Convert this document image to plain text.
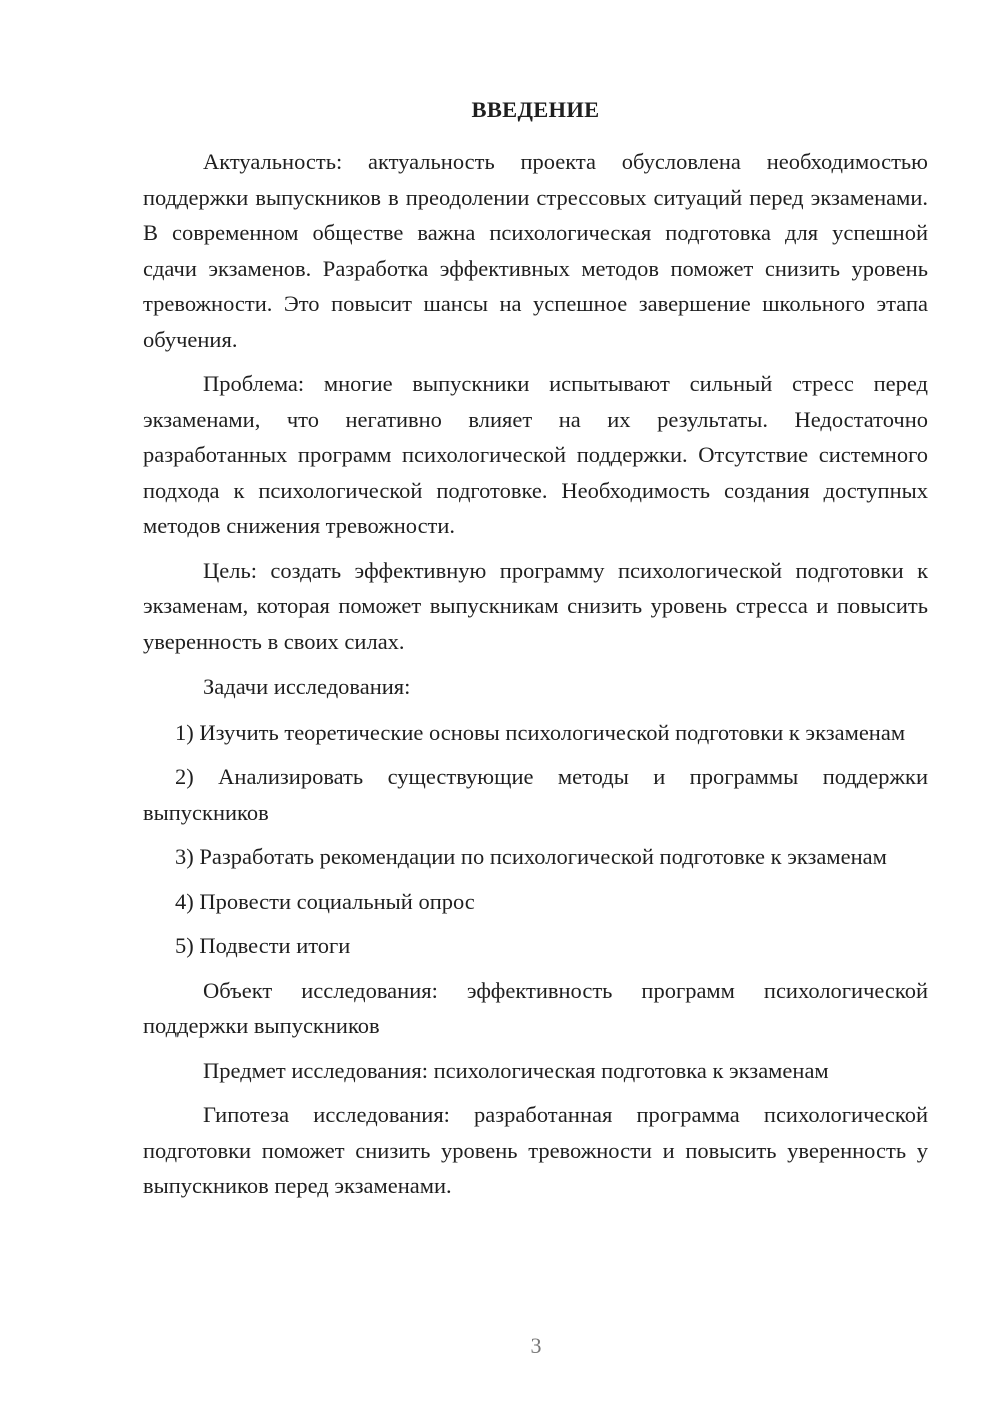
ВВЕДЕНИЕ

Актуальность: актуальность проекта обусловлена необходимостью поддержки выпускников в преодолении стрессовых ситуаций перед экзаменами. В современном обществе важна психологическая подготовка для успешной сдачи экзаменов. Разработка эффективных методов поможет снизить уровень тревожности. Это повысит шансы на успешное завершение школьного этапа обучения.

Проблема: многие выпускники испытывают сильный стресс перед экзаменами, что негативно влияет на их результаты. Недостаточно разработанных программ психологической поддержки. Отсутствие системного подхода к психологической подготовке. Необходимость создания доступных методов снижения тревожности.

Цель: создать эффективную программу психологической подготовки к экзаменам, которая поможет выпускникам снизить уровень стресса и повысить уверенность в своих силах.

Задачи исследования:

1) Изучить теоретические основы психологической подготовки к экзаменам

2) Анализировать существующие методы и программы поддержки выпускников

3) Разработать рекомендации по психологической подготовке к экзаменам

4) Провести социальный опрос

5) Подвести итоги

Объект исследования: эффективность программ психологической поддержки выпускников

Предмет исследования: психологическая подготовка к экзаменам

Гипотеза исследования: разработанная программа психологической подготовки поможет снизить уровень тревожности и повысить уверенность у выпускников перед экзаменами.

3
